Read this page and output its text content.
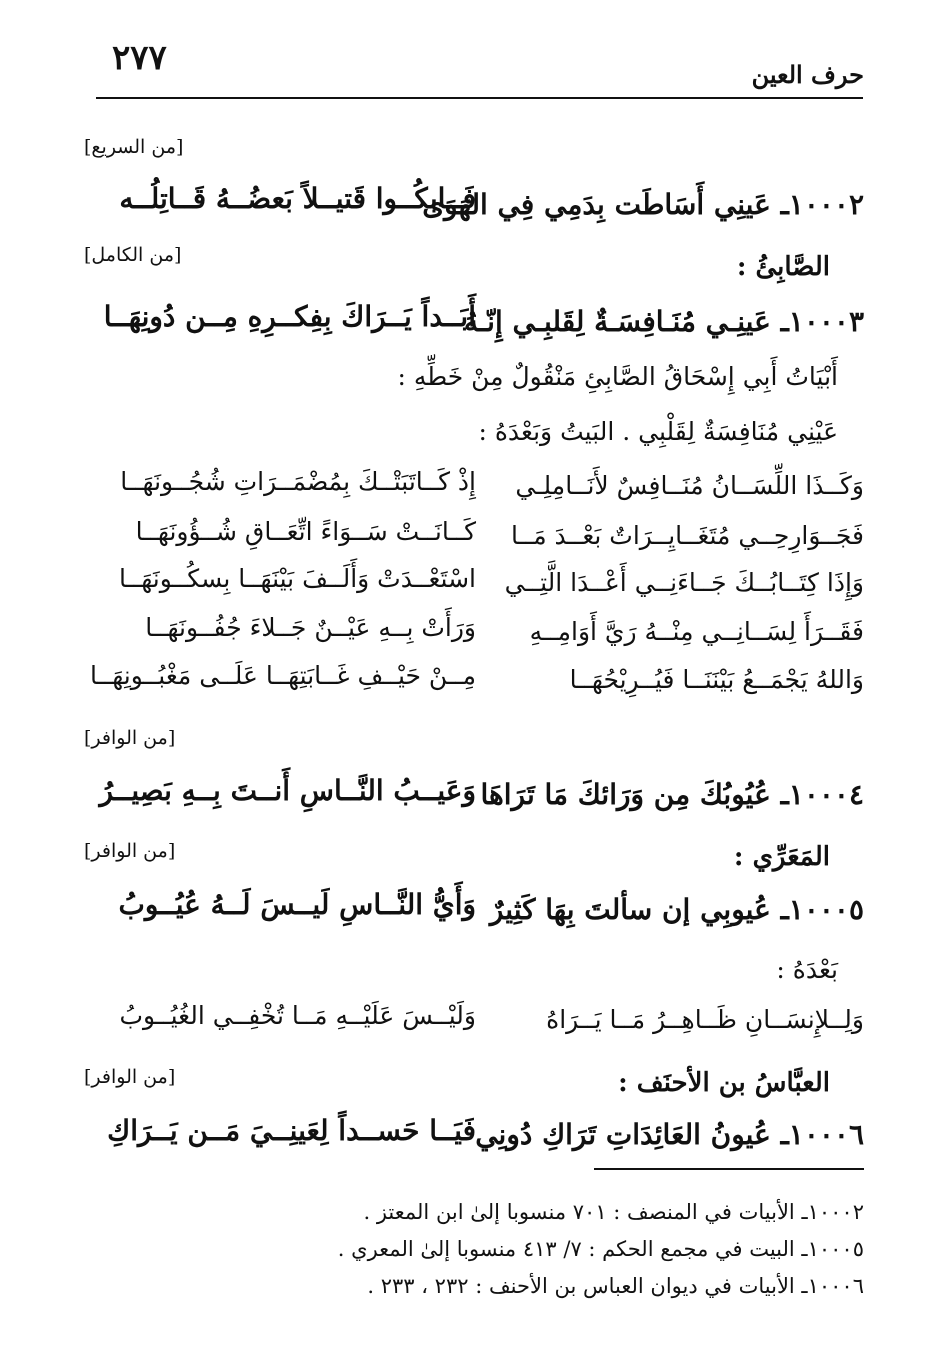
٢٧٧	حرف العين
[من السريع]
١٠٠٠٢ـ عَينِي أَسَاطَت بِدَمِي فِي الهَوَى
فَــابكُــوا قَتيــلاً بَعضُــهُ قَــاتِلُــه
[من الكامل]	الصَّابِئُ :
١٠٠٠٣ـ عَينِـي مُنَـافِسَـةٌ لِقَلبِـي إِنّـهُ
أَبَــداً يَــرَاكَ بِفِكــرِهِ مِــن دُونِهَــا
أَبْيَاتُ أَبِي إِسْحَاقُ الصَّابِئِ مَنْقُولٌ مِنْ خَطِّهِ :
عَيْنِي مُنَافِسَةٌ لِقَلْبِي . البَيتُ وَبَعْدَهُ :
وَكَــذَا اللِّسَــانُ مُنَــافِسٌ لأَنَــامِلِـي
إِذْ كَــاتَبَتْــكَ بِمُضْمَــرَاتِ شُجُــونَهَــا
فَجَــوَارِحِــي مُتَغَــايِــرَاتٌ بَعْــدَ مَــا
كَــانَــتْ سَــوَاءً اتِّعَــاقِ شُــؤُونَهَــا
وَإِذَا كِتَــابُــكَ جَــاءَنِــي أَعْــدَا الَّتِــي
اسْتَعْــدَتْ وَأَلَــفَ بَيْنَهَــا بِسكُــونَهَــا
فَقَــرَأَ لِسَــانِــي مِنْــهُ رَيَّ أَوَامِــهِ
وَرَأَتْ بِــهِ عَيْــنٌ جَــلاءَ جُفُــونَهَــا
وَاللهُ يَجْمَــعُ بَيْنَنَــا فَيُــرِيْحُهَــا
مِــنْ حَيْــفِ غَــابَتِهَــا عَلَــى مَغْبُــونِهَــا
[من الوافر]
١٠٠٠٤ـ عُيُوبُكَ مِن وَرَائكَ مَا تَرَاهَا
وَعَيــبُ النَّــاسِ أَنــتَ بِــهِ بَصِيــرُ
[من الوافر]	المَعَرِّي :
١٠٠٠٥ـ عُيوبِي إن سألتَ بِهَا كَثِيرٌ
وَأَيُّ النَّــاسِ لَيــسَ لَــهُ عُيُــوبُ
بَعْدَهُ :
وَلِــلإِنسَــانِ ظَــاهِــرُ مَــا يَــرَاهُ
وَلَيْــسَ عَلَيْــهِ مَــا تُخْفِــي الغُيُــوبُ
[من الوافر]	العبَّاسُ بن الأحنَف :
١٠٠٠٦ـ عُيونُ العَائِدَاتِ تَرَاكِ دُونِي
فَيَــا حَســداً لِعَينِــيَ مَــن يَــرَاكِ
١٠٠٠٢ـ الأبيات في المنصف : ٧٠١ منسوبا إلىٰ ابن المعتز .
١٠٠٠٥ـ البيت في مجمع الحكم : ٧/ ٤١٣ منسوبا إلىٰ المعري .
١٠٠٠٦ـ الأبيات في ديوان العباس بن الأحنف : ٢٣٢ ، ٢٣٣ .
